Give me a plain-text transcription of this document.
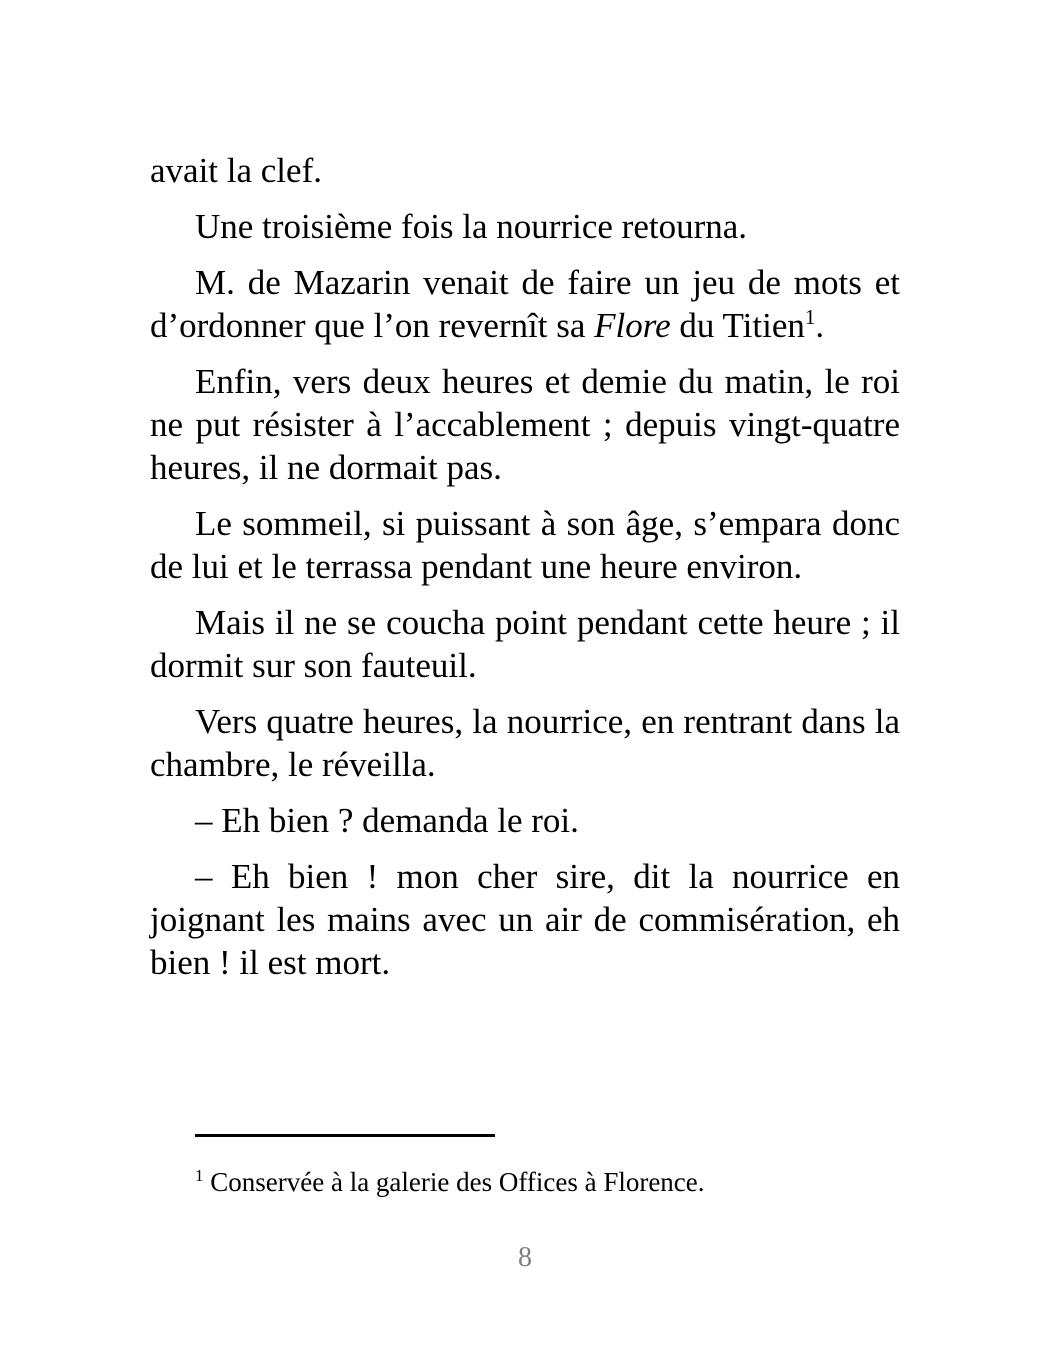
avait la clef.

Une troisième fois la nourrice retourna.

M. de Mazarin venait de faire un jeu de mots et d’ordonner que l’on revernît sa Flore du Titien$^1$.

Enfin, vers deux heures et demie du matin, le roi ne put résister à l’accablement ; depuis vingt-quatre heures, il ne dormait pas.

Le sommeil, si puissant à son âge, s’empara donc de lui et le terrassa pendant une heure environ.

Mais il ne se coucha point pendant cette heure ; il dormit sur son fauteuil.

Vers quatre heures, la nourrice, en rentrant dans la chambre, le réveilla.

– Eh bien ? demanda le roi.

– Eh bien ! mon cher sire, dit la nourrice en joignant les mains avec un air de commisération, eh bien ! il est mort.

$^1$ Conservée à la galerie des Offices à Florence.
8
